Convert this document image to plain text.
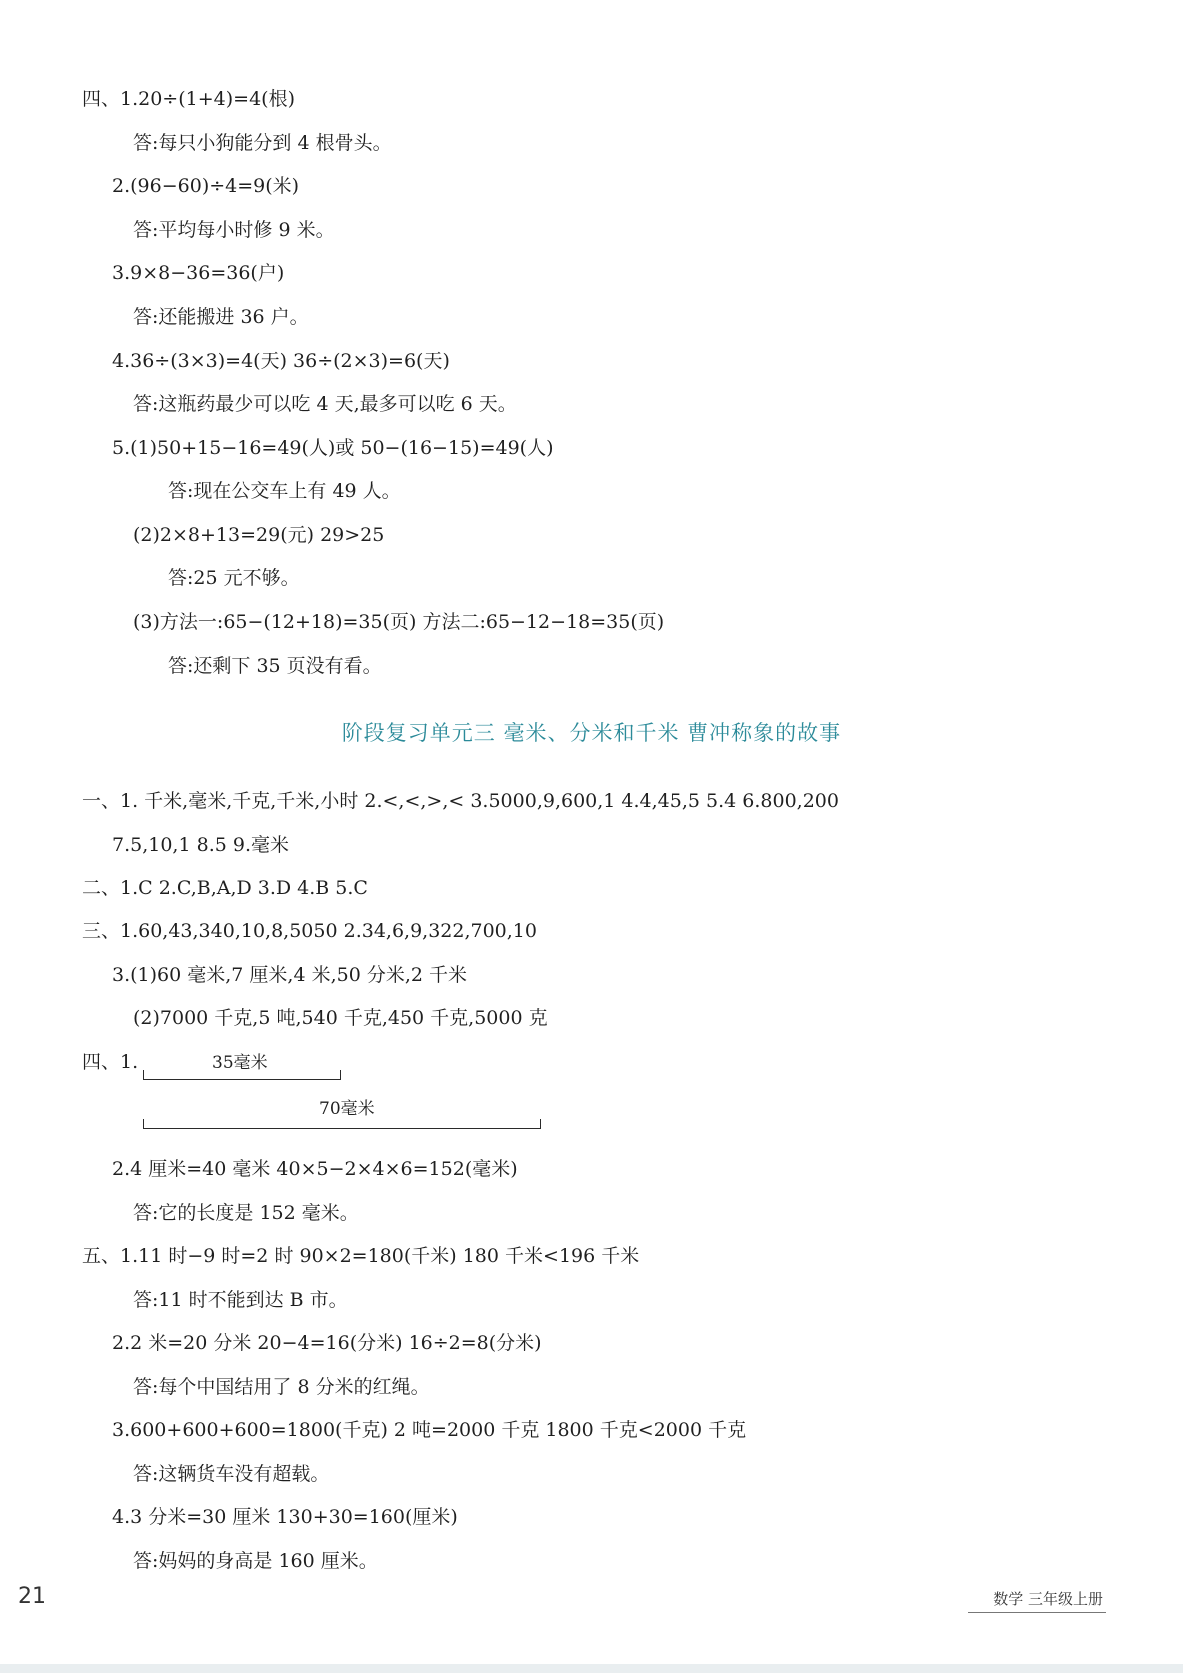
四、1.20÷(1+4)=4(根)
答:每只小狗能分到 4 根骨头。
2.(96−60)÷4=9(米)
答:平均每小时修 9 米。
3.9×8−36=36(户)
答:还能搬进 36 户。
4.36÷(3×3)=4(天) 36÷(2×3)=6(天)
答:这瓶药最少可以吃 4 天,最多可以吃 6 天。
5.(1)50+15−16=49(人)或 50−(16−15)=49(人)
答:现在公交车上有 49 人。
(2)2×8+13=29(元) 29>25
答:25 元不够。
(3)方法一:65−(12+18)=35(页) 方法二:65−12−18=35(页)
答:还剩下 35 页没有看。
阶段复习单元三 毫米、分米和千米 曹冲称象的故事
一、1. 千米,毫米,千克,千米,小时 2.<,<,>,< 3.5000,9,600,1 4.4,45,5 5.4 6.800,200
7.5,10,1 8.5 9.毫米
二、1.C 2.C,B,A,D 3.D 4.B 5.C
三、1.60,43,340,10,8,5050 2.34,6,9,322,700,10
3.(1)60 毫米,7 厘米,4 米,50 分米,2 千米
(2)7000 千克,5 吨,540 千克,450 千克,5000 克
四、1.	35毫米
70毫米
2.4 厘米=40 毫米 40×5−2×4×6=152(毫米)
答:它的长度是 152 毫米。
五、1.11 时−9 时=2 时 90×2=180(千米) 180 千米<196 千米
答:11 时不能到达 B 市。
2.2 米=20 分米 20−4=16(分米) 16÷2=8(分米)
答:每个中国结用了 8 分米的红绳。
3.600+600+600=1800(千克) 2 吨=2000 千克 1800 千克<2000 千克
答:这辆货车没有超载。
4.3 分米=30 厘米 130+30=160(厘米)
答:妈妈的身高是 160 厘米。
21	数学 三年级上册
